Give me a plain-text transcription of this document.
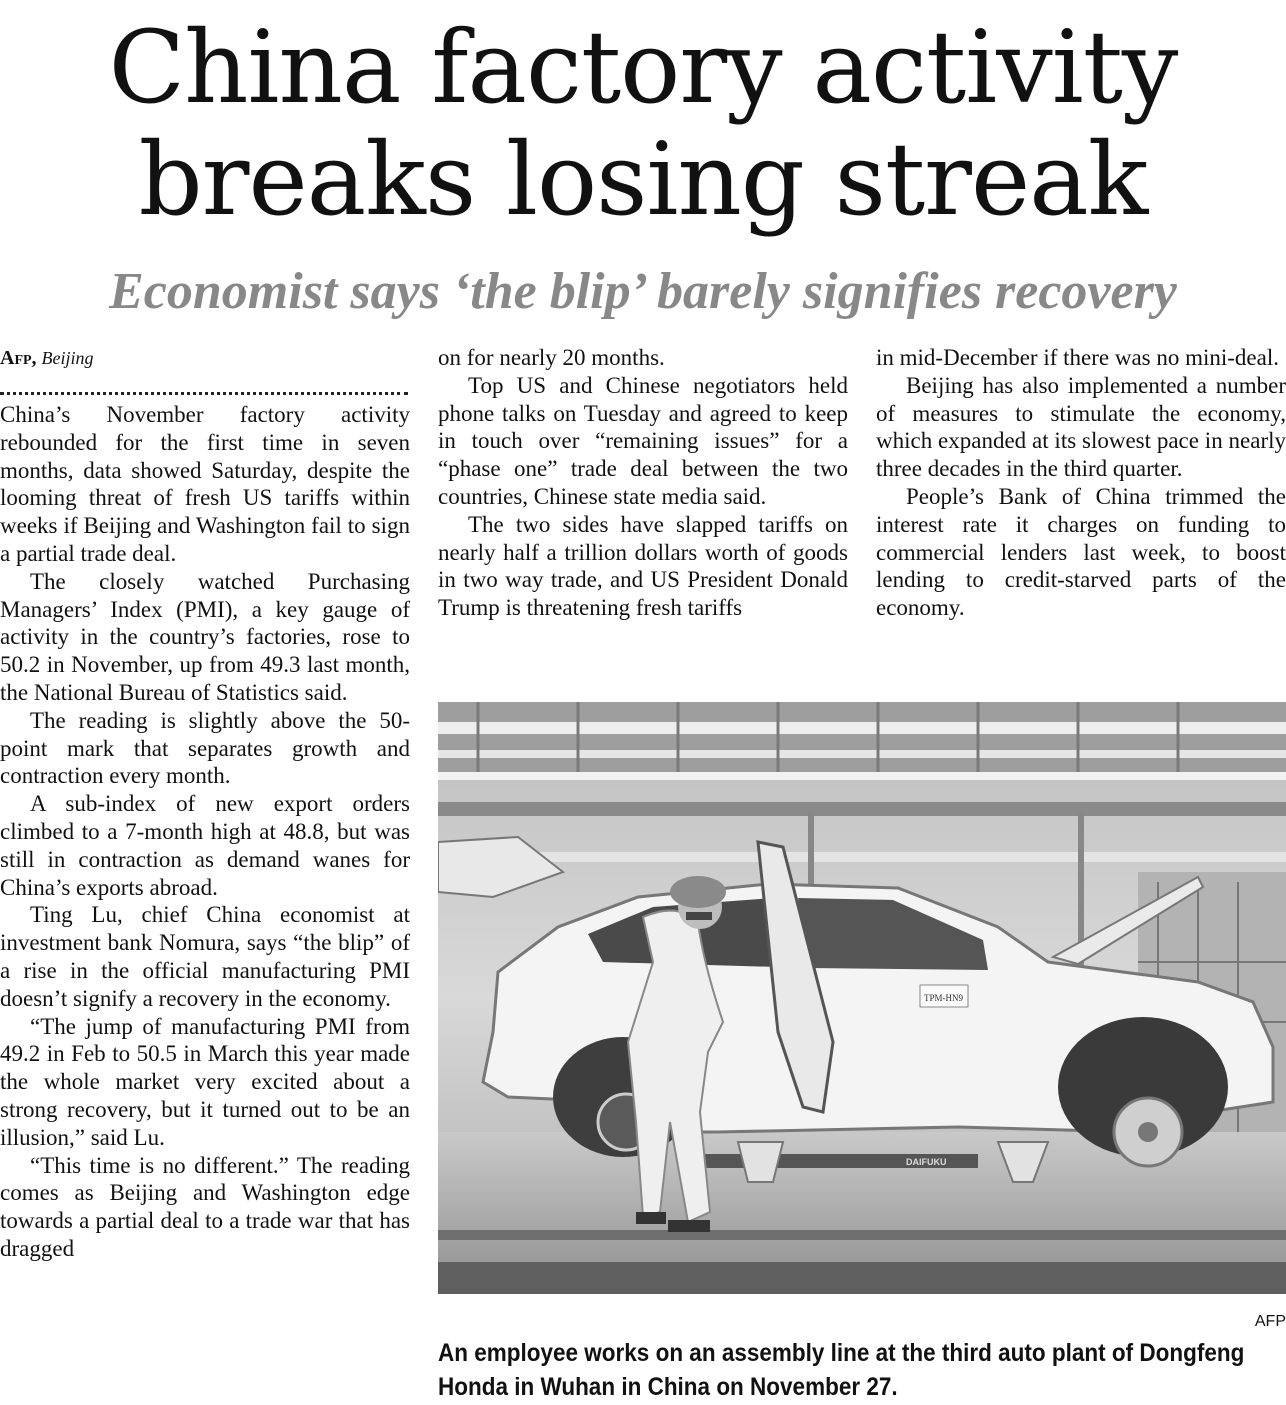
China factory activity
breaks losing streak
Economist says ‘the blip’ barely signifies recovery

Afp, Beijing

China’s November factory activity rebounded for the first time in seven months, data showed Saturday, despite the looming threat of fresh US tariffs within weeks if Beijing and Washington fail to sign a partial trade deal.

The closely watched Purchasing Managers’ Index (PMI), a key gauge of activity in the country’s factories, rose to 50.2 in November, up from 49.3 last month, the National Bureau of Statistics said.

The reading is slightly above the 50-point mark that separates growth and contraction every month.

A sub-index of new export orders climbed to a 7-month high at 48.8, but was still in contraction as demand wanes for China’s exports abroad.

Ting Lu, chief China economist at investment bank Nomura, says “the blip” of a rise in the official manufacturing PMI doesn’t signify a recovery in the economy.

“The jump of manufacturing PMI from 49.2 in Feb to 50.5 in March this year made the whole market very excited about a strong recovery, but it turned out to be an illusion,” said Lu.

“This time is no different.” The reading comes as Beijing and Washington edge towards a partial deal to a trade war that has dragged

on for nearly 20 months.

Top US and Chinese negotiators held phone talks on Tuesday and agreed to keep in touch over “remaining issues” for a “phase one” trade deal between the two countries, Chinese state media said.

The two sides have slapped tariffs on nearly half a trillion dollars worth of goods in two way trade, and US President Donald Trump is threatening fresh tariffs

in mid-December if there was no mini-deal.

Beijing has also implemented a number of measures to stimulate the economy, which expanded at its slowest pace in nearly three decades in the third quarter.

People’s Bank of China trimmed the interest rate it charges on funding to commercial lenders last week, to boost lending to credit-starved parts of the economy.

DAIFUKU
TPM-HN9
AFP

An employee works on an assembly line at the third auto plant of Dongfeng Honda in Wuhan in China on November 27.
